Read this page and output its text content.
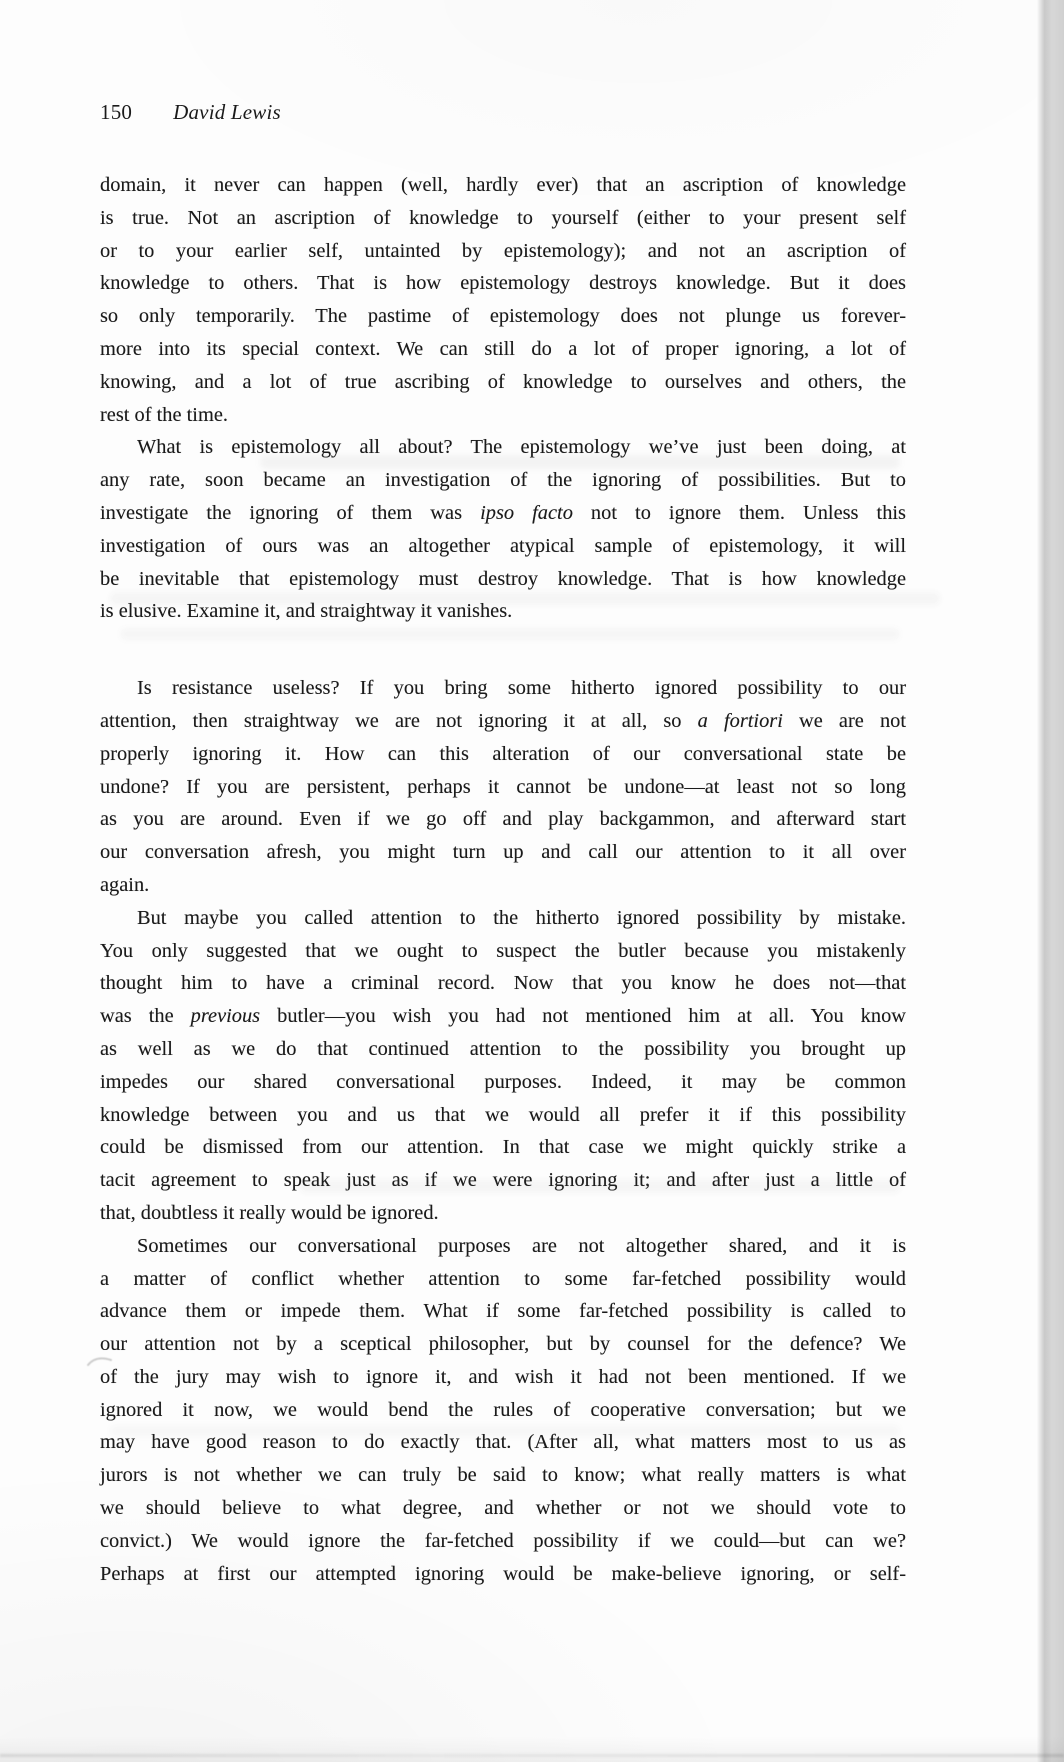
150 David Lewis

domain, it never can happen (well, hardly ever) that an ascription of knowledge
is true. Not an ascription of knowledge to yourself (either to your present self
or to your earlier self, untainted by epistemology); and not an ascription of
knowledge to others. That is how epistemology destroys knowledge. But it does
so only temporarily. The pastime of epistemology does not plunge us forever-
more into its special context. We can still do a lot of proper ignoring, a lot of
knowing, and a lot of true ascribing of knowledge to ourselves and others, the
rest of the time.

What is epistemology all about? The epistemology we’ve just been doing, at
any rate, soon became an investigation of the ignoring of possibilities. But to
investigate the ignoring of them was ipso facto not to ignore them. Unless this
investigation of ours was an altogether atypical sample of epistemology, it will
be inevitable that epistemology must destroy knowledge. That is how knowledge
is elusive. Examine it, and straightway it vanishes.

Is resistance useless? If you bring some hitherto ignored possibility to our
attention, then straightway we are not ignoring it at all, so a fortiori we are not
properly ignoring it. How can this alteration of our conversational state be
undone? If you are persistent, perhaps it cannot be undone—at least not so long
as you are around. Even if we go off and play backgammon, and afterward start
our conversation afresh, you might turn up and call our attention to it all over
again.

But maybe you called attention to the hitherto ignored possibility by mistake.
You only suggested that we ought to suspect the butler because you mistakenly
thought him to have a criminal record. Now that you know he does not—that
was the previous butler—you wish you had not mentioned him at all. You know
as well as we do that continued attention to the possibility you brought up
impedes our shared conversational purposes. Indeed, it may be common
knowledge between you and us that we would all prefer it if this possibility
could be dismissed from our attention. In that case we might quickly strike a
tacit agreement to speak just as if we were ignoring it; and after just a little of
that, doubtless it really would be ignored.

Sometimes our conversational purposes are not altogether shared, and it is
a matter of conflict whether attention to some far-fetched possibility would
advance them or impede them. What if some far-fetched possibility is called to
our attention not by a sceptical philosopher, but by counsel for the defence? We
of the jury may wish to ignore it, and wish it had not been mentioned. If we
ignored it now, we would bend the rules of cooperative conversation; but we
may have good reason to do exactly that. (After all, what matters most to us as
jurors is not whether we can truly be said to know; what really matters is what
we should believe to what degree, and whether or not we should vote to
convict.) We would ignore the far-fetched possibility if we could—but can we?
Perhaps at first our attempted ignoring would be make-believe ignoring, or self-
